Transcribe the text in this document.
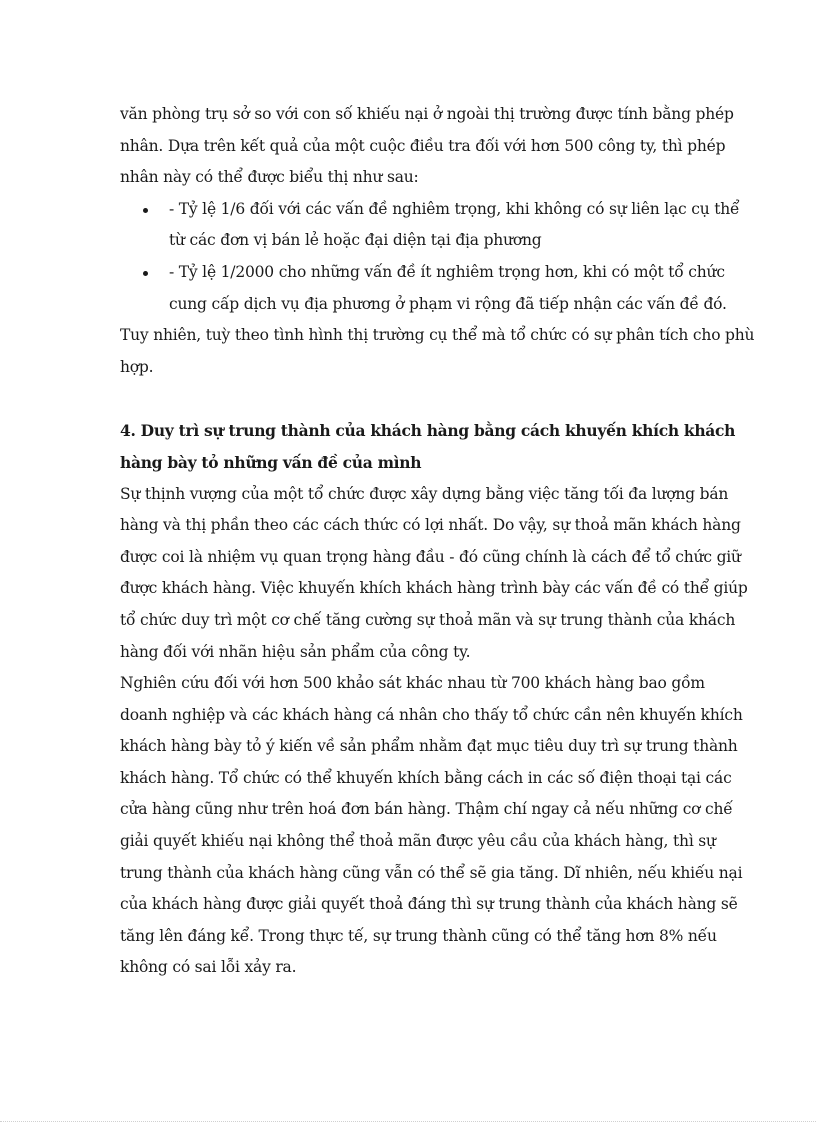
văn phòng trụ sở so với con số khiếu nại ở ngoài thị trường được tính bằng phép
nhân. Dựa trên kết quả của một cuộc điều tra đối với hơn 500 công ty, thì phép
nhân này có thể được biểu thị như sau:
- Tỷ lệ 1/6 đối với các vấn đề nghiêm trọng, khi không có sự liên lạc cụ thể
từ các đơn vị bán lẻ hoặc đại diện tại địa phương
- Tỷ lệ 1/2000 cho những vấn đề ít nghiêm trọng hơn, khi có một tổ chức
cung cấp dịch vụ địa phương ở phạm vi rộng đã tiếp nhận các vấn đề đó.
Tuy nhiên, tuỳ theo tình hình thị trường cụ thể mà tổ chức có sự phân tích cho phù
hợp.
4. Duy trì sự trung thành của khách hàng bằng cách khuyến khích khách
hàng bày tỏ những vấn đề của mình
Sự thịnh vượng của một tổ chức được xây dựng bằng việc tăng tối đa lượng bán
hàng và thị phần theo các cách thức có lợi nhất. Do vậy, sự thoả mãn khách hàng
được coi là nhiệm vụ quan trọng hàng đầu - đó cũng chính là cách để tổ chức giữ
được khách hàng. Việc khuyến khích khách hàng trình bày các vấn đề có thể giúp
tổ chức duy trì một cơ chế tăng cường sự thoả mãn và sự trung thành của khách
hàng đối với nhãn hiệu sản phẩm của công ty.
Nghiên cứu đối với hơn 500 khảo sát khác nhau từ 700 khách hàng bao gồm
doanh nghiệp và các khách hàng cá nhân cho thấy tổ chức cần nên khuyến khích
khách hàng bày tỏ ý kiến về sản phẩm nhằm đạt mục tiêu duy trì sự trung thành
khách hàng. Tổ chức có thể khuyến khích bằng cách in các số điện thoại tại các
cửa hàng cũng như trên hoá đơn bán hàng. Thậm chí ngay cả nếu những cơ chế
giải quyết khiếu nại không thể thoả mãn được yêu cầu của khách hàng, thì sự
trung thành của khách hàng cũng vẫn có thể sẽ gia tăng. Dĩ nhiên, nếu khiếu nại
của khách hàng được giải quyết thoả đáng thì sự trung thành của khách hàng sẽ
tăng lên đáng kể. Trong thực tế, sự trung thành cũng có thể tăng hơn 8% nếu
không có sai lỗi xảy ra.
